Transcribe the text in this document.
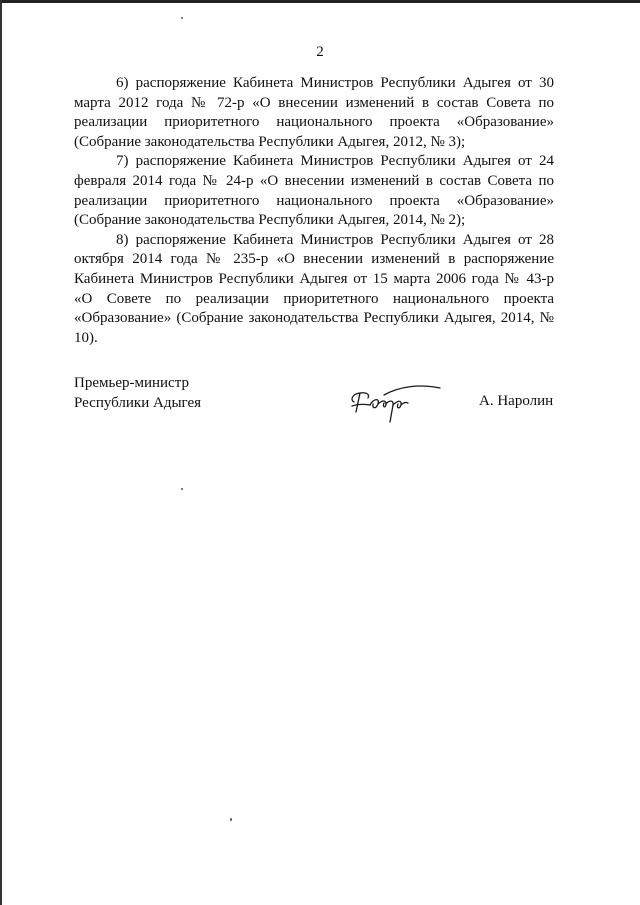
2

6) распоряжение Кабинета Министров Республики Адыгея от 30 марта 2012 года № 72-р «О внесении изменений в состав Совета по реализации приоритетного национального проекта «Образование» (Собрание законодательства Республики Адыгея, 2012, № 3);

7) распоряжение Кабинета Министров Республики Адыгея от 24 февраля 2014 года № 24-р «О внесении изменений в состав Совета по реализации приоритетного национального проекта «Образование» (Собрание законодательства Республики Адыгея, 2014, № 2);

8) распоряжение Кабинета Министров Республики Адыгея от 28 октября 2014 года № 235-р «О внесении изменений в распоряжение Кабинета Министров Республики Адыгея от 15 марта 2006 года № 43-р «О Совете по реализации приоритетного национального проекта «Образование» (Собрание законодательства Республики Адыгея, 2014, № 10).

Премьер-министр
Республики Адыгея	А. Наролин
